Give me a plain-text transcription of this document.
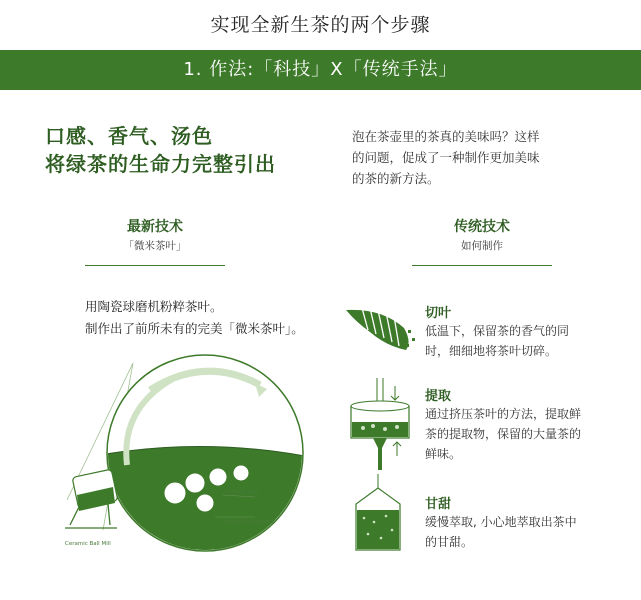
实现全新生茶的两个步骤
1. 作法:「科技」X「传统手法」
口感、香气、汤色
将绿茶的生命力完整引出
泡在茶壶里的茶真的美味吗？这样
的问题，促成了一种制作更加美味
的茶的新方法。
最新技术
「微米茶叶」
传统技术
如何制作
用陶瓷球磨机粉粹茶叶。
制作出了前所未有的完美「微米茶叶」。
Ceramic Ball
Green Tea Leaves
Ceramic Ball Mill
切叶
低温下，保留茶的香气的同
时，细细地将茶叶切碎。
提取
通过挤压茶叶的方法，提取鲜
茶的提取物，保留的大量茶的
鲜味。
甘甜
缓慢萃取, 小心地萃取出茶中
的甘甜。
